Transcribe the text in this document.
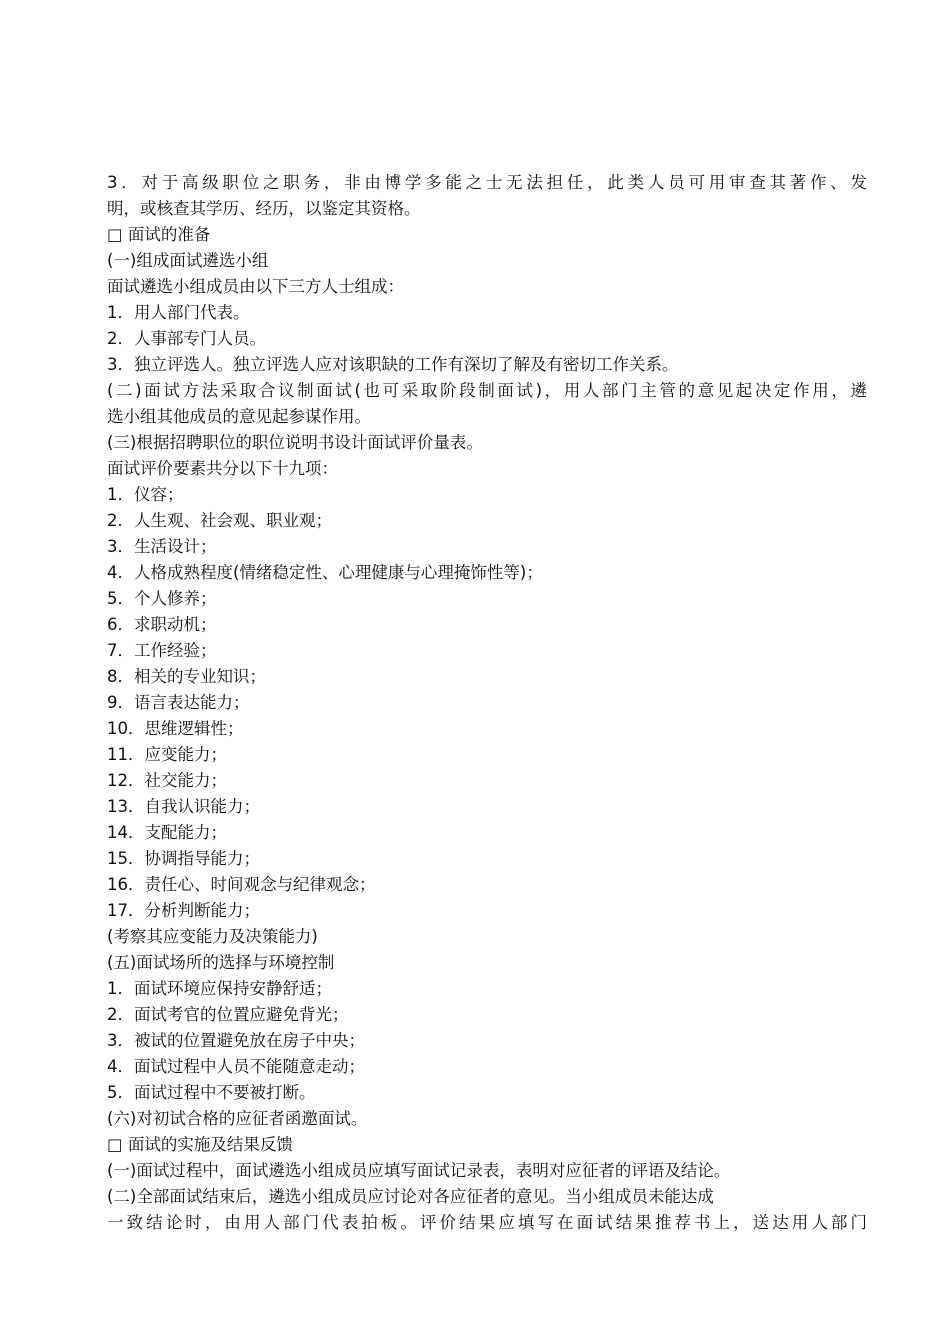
3．对于高级职位之职务，非由博学多能之士无法担任，此类人员可用审查其著作、发
明，或核查其学历、经历，以鉴定其资格。
□ 面试的准备
(一)组成面试遴选小组
面试遴选小组成员由以下三方人士组成：
1．用人部门代表。
2．人事部专门人员。
3．独立评选人。独立评选人应对该职缺的工作有深切了解及有密切工作关系。
(二)面试方法采取合议制面试(也可采取阶段制面试)，用人部门主管的意见起决定作用，遴
选小组其他成员的意见起参谋作用。
(三)根据招聘职位的职位说明书设计面试评价量表。
面试评价要素共分以下十九项：
1．仪容；
2．人生观、社会观、职业观；
3．生活设计；
4．人格成熟程度(情绪稳定性、心理健康与心理掩饰性等)；
5．个人修养；
6．求职动机；
7．工作经验；
8．相关的专业知识；
9．语言表达能力；
10．思维逻辑性；
11．应变能力；
12．社交能力；
13．自我认识能力；
14．支配能力；
15．协调指导能力；
16．责任心、时间观念与纪律观念；
17．分析判断能力；
(考察其应变能力及决策能力)
(五)面试场所的选择与环境控制
1．面试环境应保持安静舒适；
2．面试考官的位置应避免背光；
3．被试的位置避免放在房子中央；
4．面试过程中人员不能随意走动；
5．面试过程中不要被打断。
(六)对初试合格的应征者函邀面试。
□ 面试的实施及结果反馈
(一)面试过程中，面试遴选小组成员应填写面试记录表，表明对应征者的评语及结论。
(二)全部面试结束后，遴选小组成员应讨论对各应征者的意见。当小组成员未能达成
一致结论时，由用人部门代表拍板。评价结果应填写在面试结果推荐书上，送达用人部门
